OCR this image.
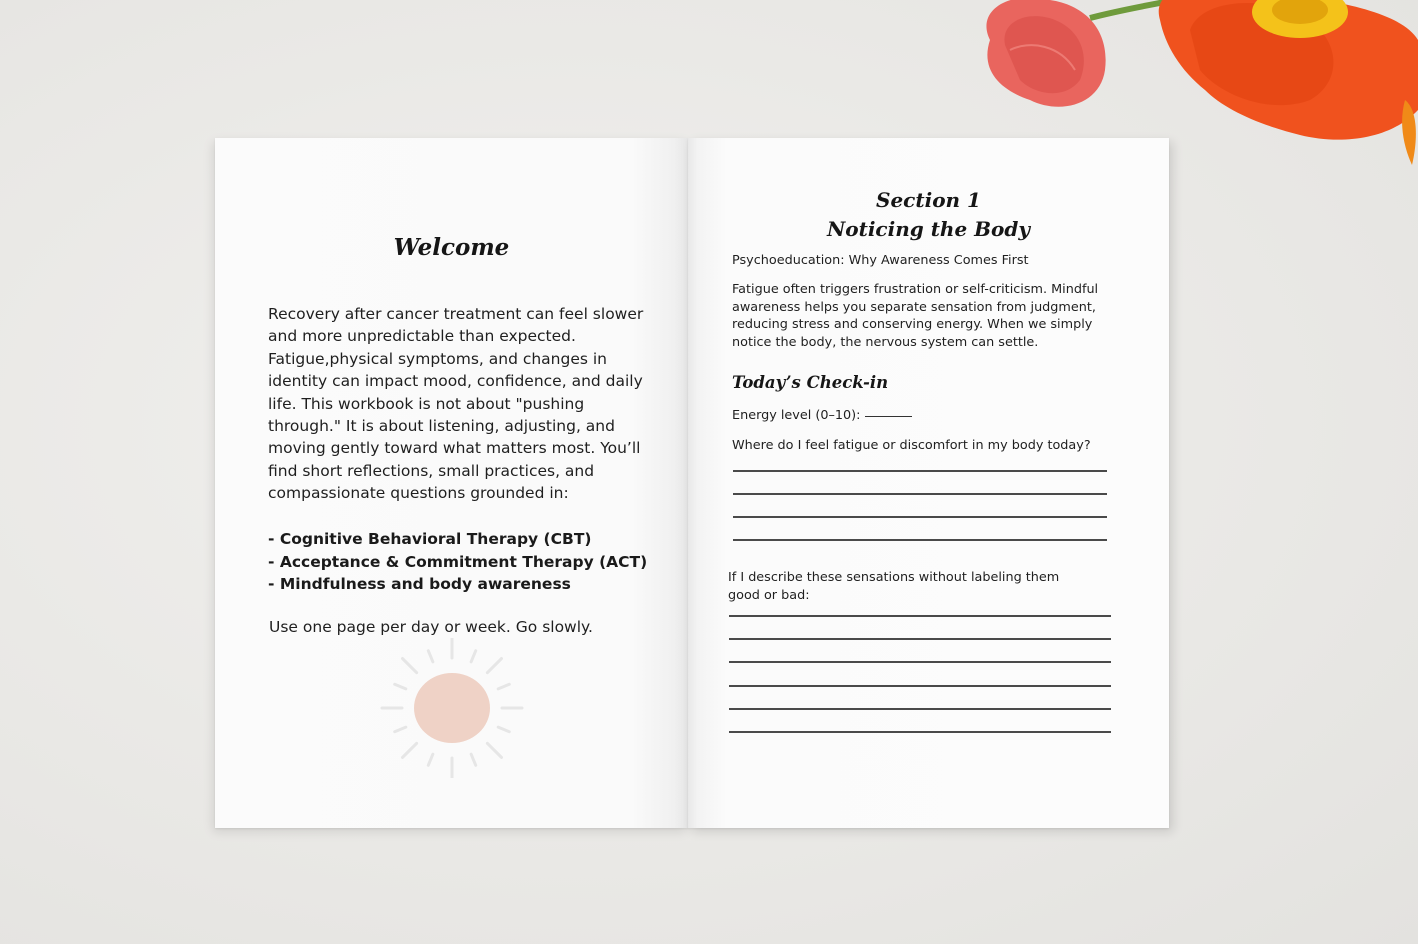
Welcome

Recovery after cancer treatment can feel slower and more unpredictable than expected. Fatigue,physical symptoms, and changes in identity can impact mood, confidence, and daily life. This workbook is not about "pushing through." It is about listening, adjusting, and moving gently toward what matters most. You’ll find short reflections, small practices, and compassionate questions grounded in:

- Cognitive Behavioral Therapy (CBT)
- Acceptance & Commitment Therapy (ACT)
- Mindfulness and body awareness

Use one page per day or week. Go slowly.

Section 1
Noticing the Body

Psychoeducation: Why Awareness Comes First

Fatigue often triggers frustration or self-criticism. Mindful awareness helps you separate sensation from judgment, reducing stress and conserving energy. When we simply notice the body, the nervous system can settle.

Today’s Check-in

Energy level (0–10):

Where do I feel fatigue or discomfort in my body today?

If I describe these sensations without labeling them good or bad:
